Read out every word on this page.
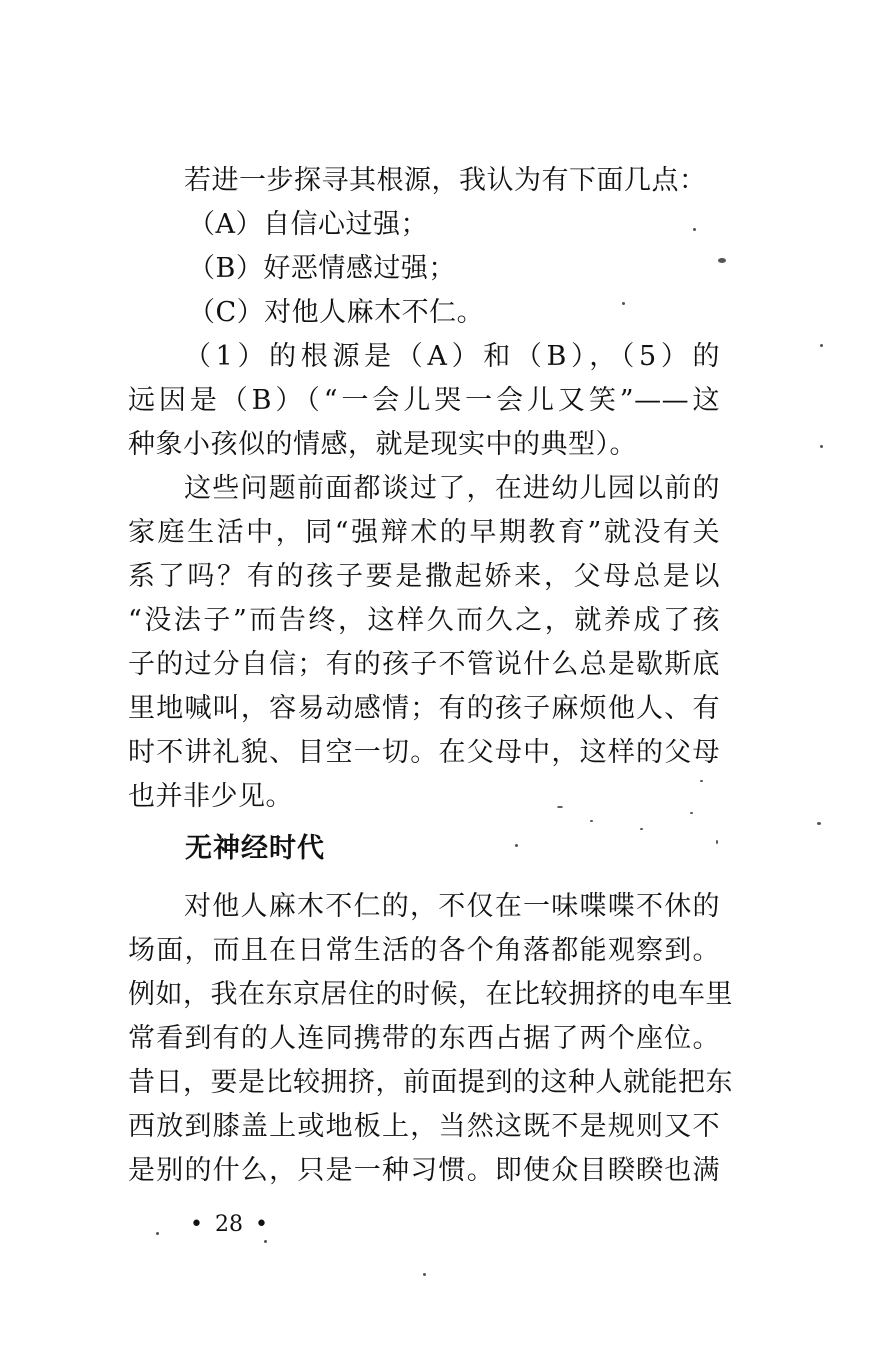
若进一步探寻其根源，我认为有下面几点：
（A）自信心过强；
（B）好恶情感过强；
（C）对他人麻木不仁。
（1）的根源是（A）和（B），（5）的
远因是（B）（“一会儿哭一会儿又笑”——这
种象小孩似的情感，就是现实中的典型）。
这些问题前面都谈过了，在进幼儿园以前的
家庭生活中，同“强辩术的早期教育”就没有关
系了吗？有的孩子要是撒起娇来，父母总是以
“没法子”而告终，这样久而久之，就养成了孩
子的过分自信；有的孩子不管说什么总是歇斯底
里地喊叫，容易动感情；有的孩子麻烦他人、有
时不讲礼貌、目空一切。在父母中，这样的父母
也并非少见。
无神经时代
对他人麻木不仁的，不仅在一味喋喋不休的
场面，而且在日常生活的各个角落都能观察到。
例如，我在东京居住的时候，在比较拥挤的电车里
常看到有的人连同携带的东西占据了两个座位。
昔日，要是比较拥挤，前面提到的这种人就能把东
西放到膝盖上或地板上，当然这既不是规则又不
是别的什么，只是一种习惯。即使众目睽睽也满
• 28 •
